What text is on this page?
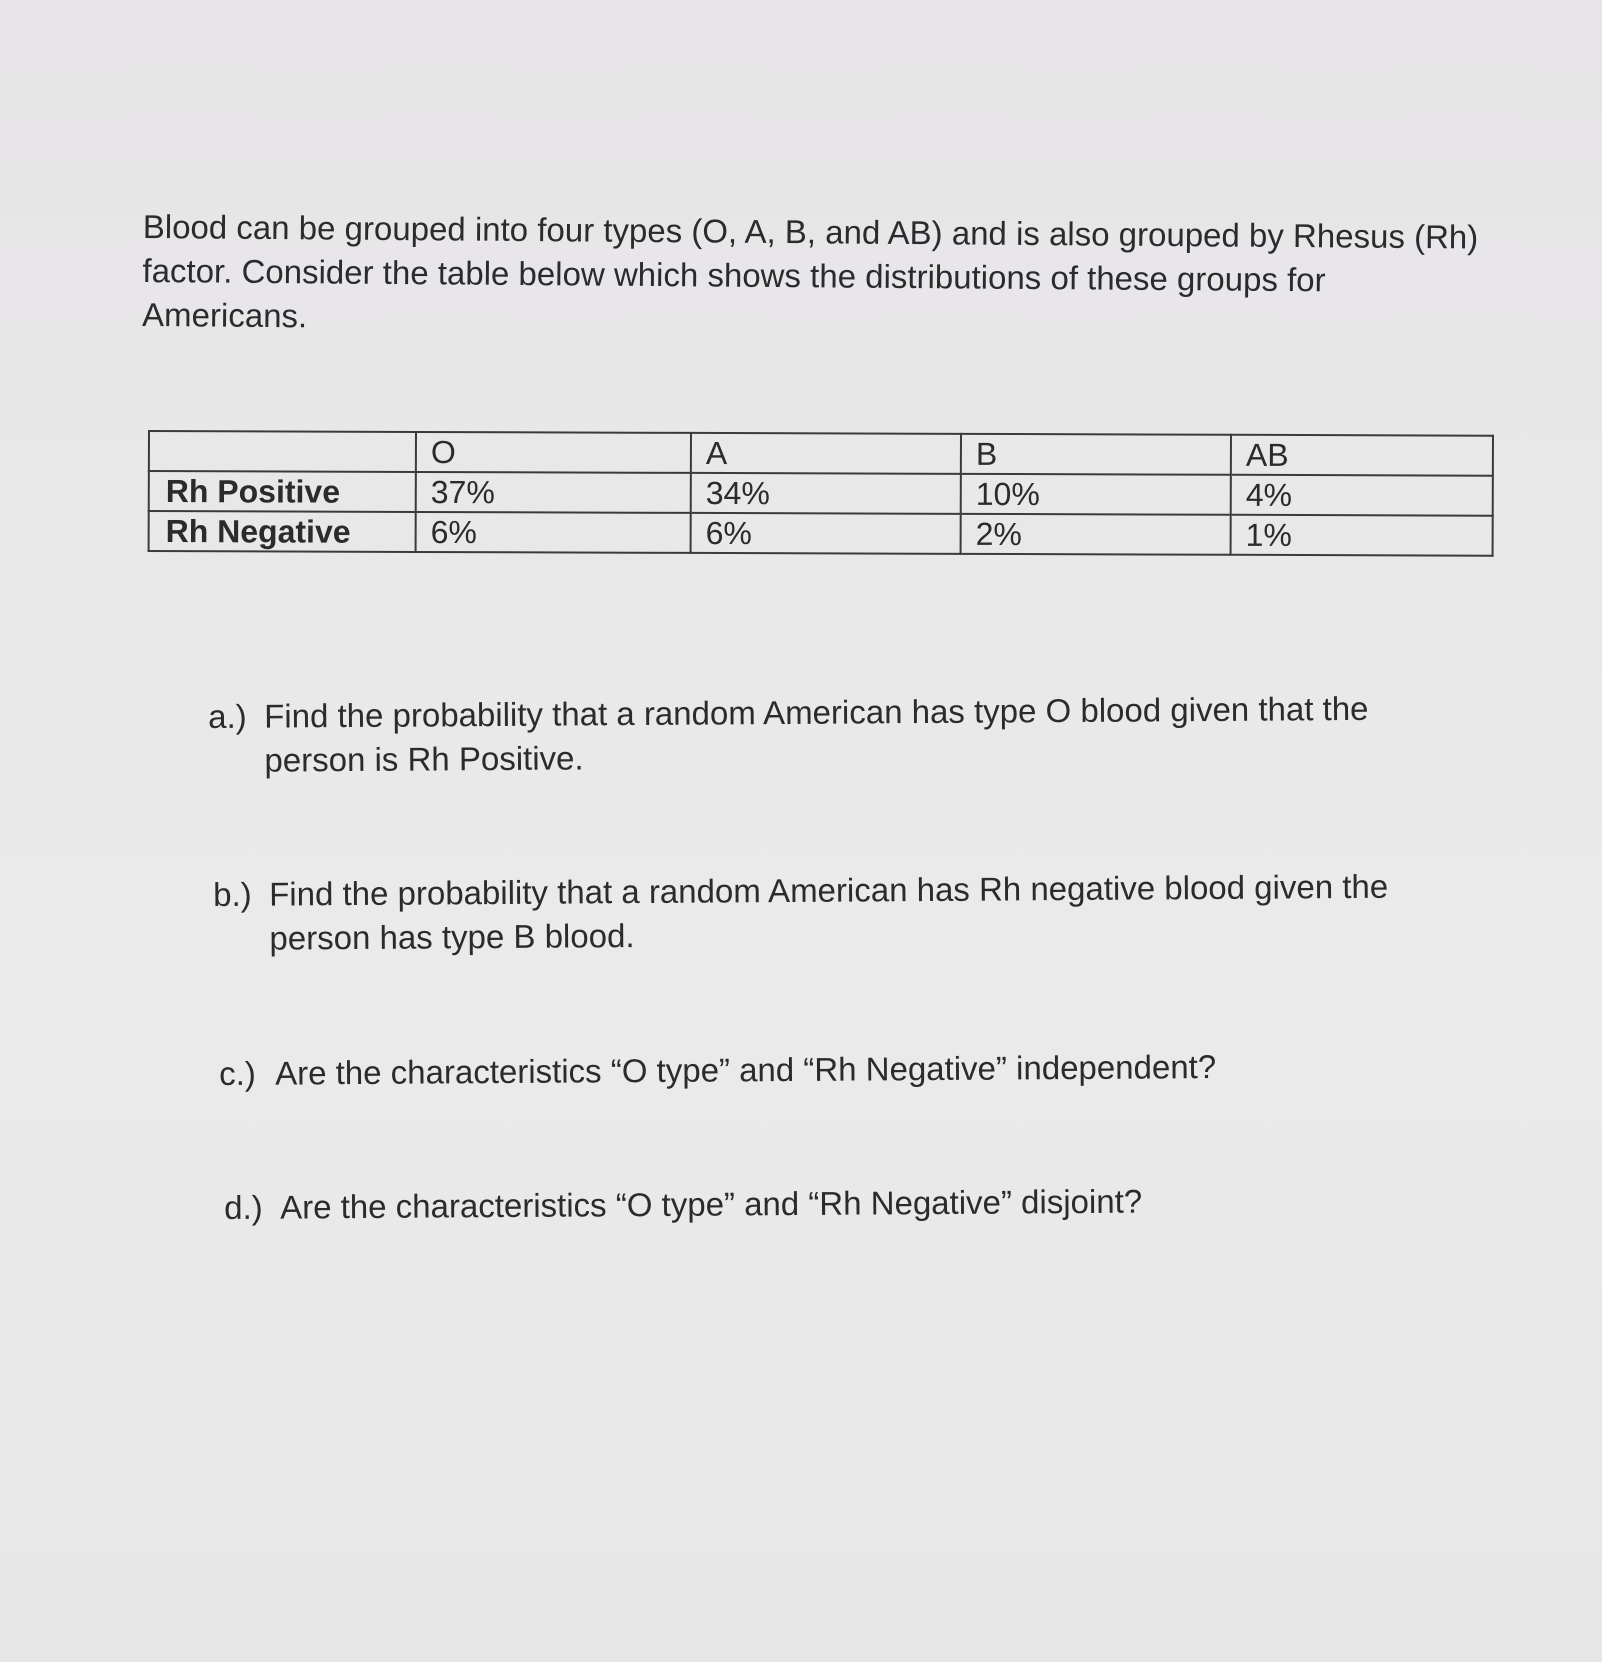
Blood can be grouped into four types (O, A, B, and AB) and is also grouped by Rhesus (Rh) factor. Consider the table below which shows the distributions of these groups for Americans.

	O	A	B	AB
Rh Positive	37%	34%	10%	4%
Rh Negative	6%	6%	2%	1%
a.) Find the probability that a random American has type O blood given that the person is Rh Positive.
b.) Find the probability that a random American has Rh negative blood given the person has type B blood.
c.) Are the characteristics “O type” and “Rh Negative” independent?
d.) Are the characteristics “O type” and “Rh Negative” disjoint?
